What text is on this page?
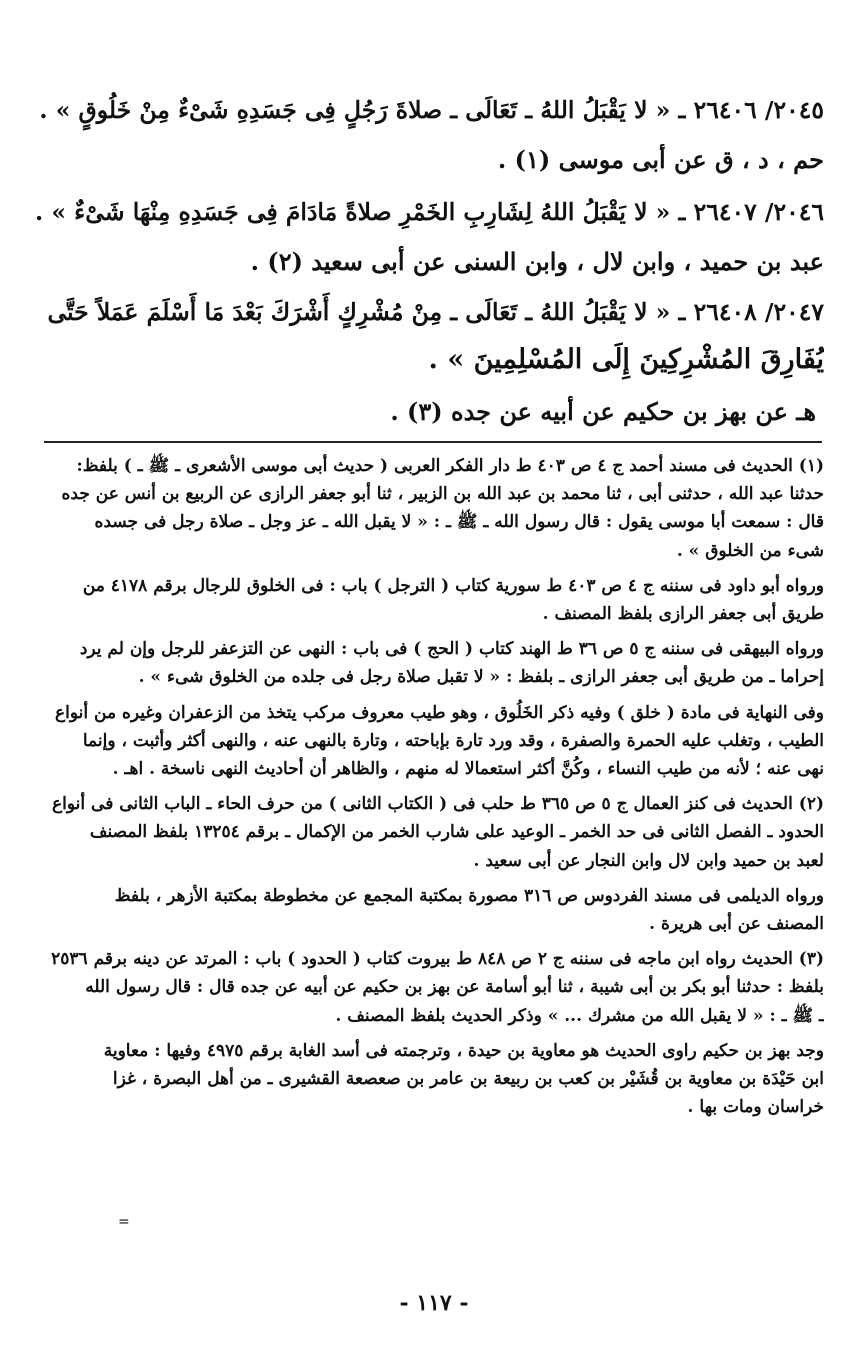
٢٠٤٥/ ٢٦٤٠٦ ـ « لا يَقْبَلُ اللهُ ـ تَعَالَى ـ صلاةَ رَجُلٍ فِى جَسَدِهِ شَىْءٌ مِنْ خَلُوقٍ » .
حم ، د ، ق عن أبى موسى (١) .
٢٠٤٦/ ٢٦٤٠٧ ـ « لا يَقْبَلُ اللهُ لِشَارِبِ الخَمْرِ صلاةً مَادَامَ فِى جَسَدِهِ مِنْهَا شَىْءٌ » .
عبد بن حميد ، وابن لال ، وابن السنى عن أبى سعيد (٢) .
٢٠٤٧/ ٢٦٤٠٨ ـ « لا يَقْبَلُ اللهُ ـ تَعَالَى ـ مِنْ مُشْرِكٍ أَشْرَكَ بَعْدَ مَا أَسْلَمَ عَمَلاً حَتَّى
يُفَارِقَ المُشْرِكِينَ إِلَى المُسْلِمِينَ » .
هـ عن بهز بن حكيم عن أبيه عن جده (٣) .
(١) الحديث فى مسند أحمد ج ٤ ص ٤٠٣ ط دار الفكر العربى ( حديث أبى موسى الأشعرى ـ ﷺ ـ ) بلفظ:
حدثنا عبد الله ، حدثنى أبى ، ثنا محمد بن عبد الله بن الزبير ، ثنا أبو جعفر الرازى عن الربيع بن أنس عن جده
قال : سمعت أبا موسى يقول : قال رسول الله ـ ﷺ ـ : « لا يقبل الله ـ عز وجل ـ صلاة رجل فى جسده
شىء من الخلوق » .
ورواه أبو داود فى سننه ج ٤ ص ٤٠٣ ط سورية كتاب ( الترجل ) باب : فى الخلوق للرجال برقم ٤١٧٨ من
طريق أبى جعفر الرازى بلفظ المصنف .
ورواه البيهقى فى سننه ج ٥ ص ٣٦ ط الهند كتاب ( الحج ) فى باب : النهى عن التزعفر للرجل وإن لم يرد
إحراما ـ من طريق أبى جعفر الرازى ـ بلفظ : « لا تقبل صلاة رجل فى جلده من الخلوق شىء » .
وفى النهاية فى مادة ( خلق ) وفيه ذكر الخَلُوق ، وهو طيب معروف مركب يتخذ من الزعفران وغيره من أنواع
الطيب ، وتغلب عليه الحمرة والصفرة ، وقد ورد تارة بإباحته ، وتارة بالنهى عنه ، والنهى أكثر وأثبت ، وإنما
نهى عنه ؛ لأنه من طيب النساء ، وكُنَّ أكثر استعمالا له منهم ، والظاهر أن أحاديث النهى ناسخة . اهـ .
(٢) الحديث فى كنز العمال ج ٥ ص ٣٦٥ ط حلب فى ( الكتاب الثانى ) من حرف الحاء ـ الباب الثانى فى أنواع
الحدود ـ الفصل الثانى فى حد الخمر ـ الوعيد على شارب الخمر من الإكمال ـ برقم ١٣٢٥٤ بلفظ المصنف
لعبد بن حميد وابن لال وابن النجار عن أبى سعيد .
ورواه الديلمى فى مسند الفردوس ص ٣١٦ مصورة بمكتبة المجمع عن مخطوطة بمكتبة الأزهر ، بلفظ
المصنف عن أبى هريرة .
(٣) الحديث رواه ابن ماجه فى سننه ج ٢ ص ٨٤٨ ط بيروت كتاب ( الحدود ) باب : المرتد عن دينه برقم ٢٥٣٦
بلفظ : حدثنا أبو بكر بن أبى شيبة ، ثنا أبو أسامة عن بهز بن حكيم عن أبيه عن جده قال : قال رسول الله
ـ ﷺ ـ : « لا يقبل الله من مشرك ... » وذكر الحديث بلفظ المصنف .
وجد بهز بن حكيم راوى الحديث هو معاوية بن حيدة ، وترجمته فى أسد الغابة برقم ٤٩٧٥ وفيها : معاوية
ابن حَيْدَة بن معاوية بن قُشَيْر بن كعب بن ربيعة بن عامر بن صعصعة القشيرى ـ من أهل البصرة ، غزا
خراسان ومات بها .
=
- ١١٧ -
